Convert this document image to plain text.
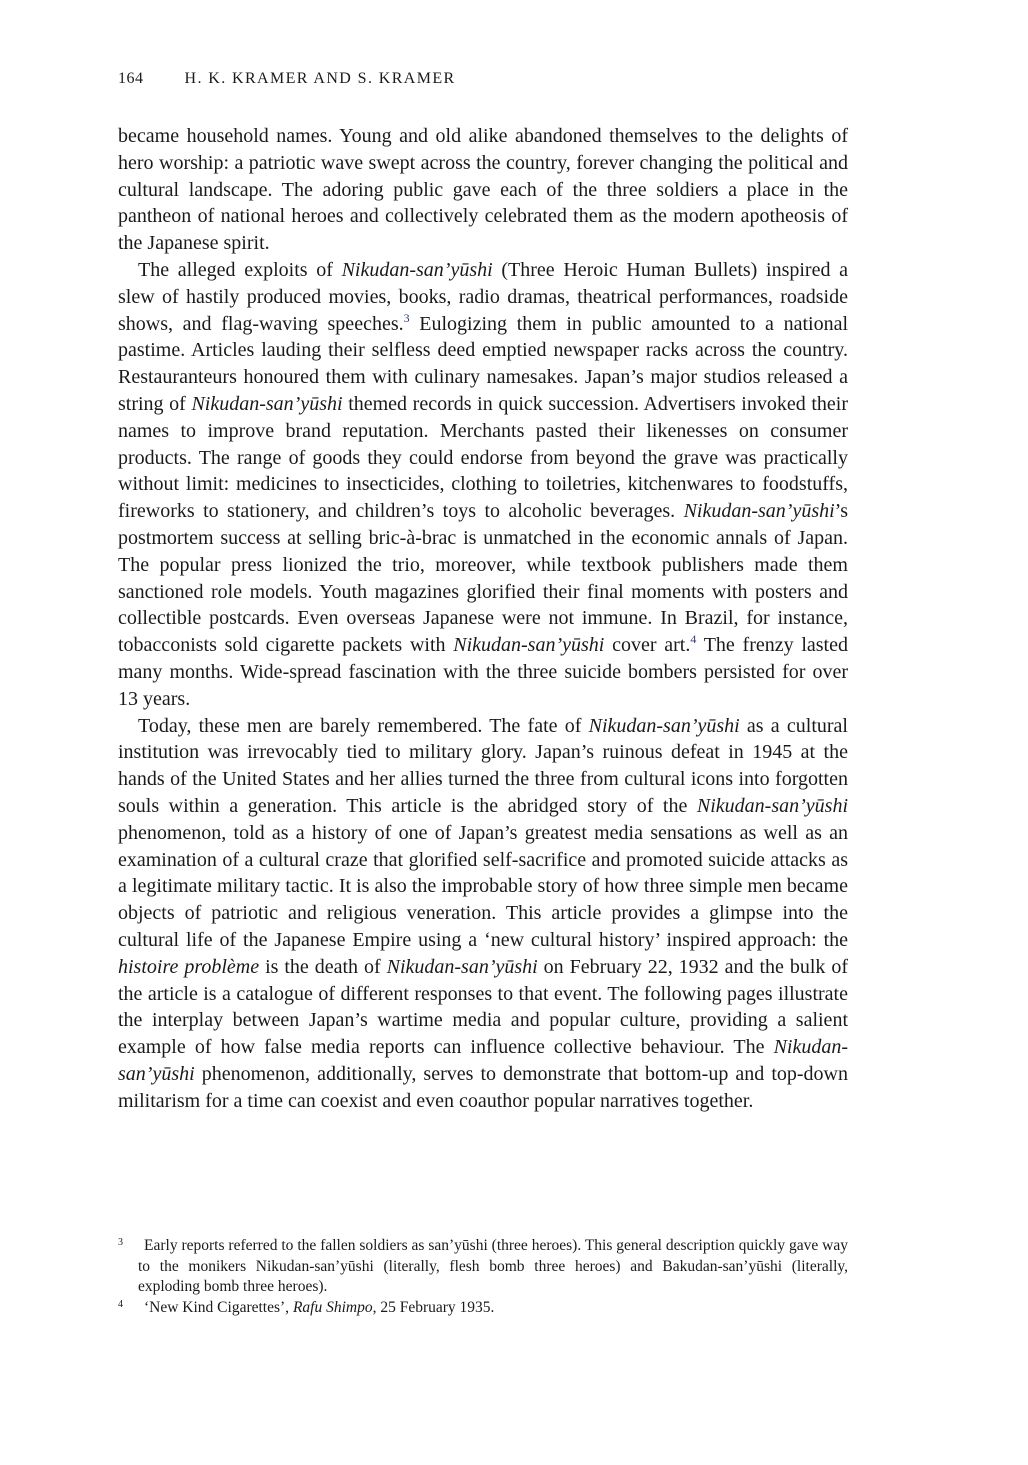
164	H. K. KRAMER AND S. KRAMER

became household names. Young and old alike abandoned themselves to the delights of hero worship: a patriotic wave swept across the country, forever changing the political and cultural landscape. The adoring public gave each of the three soldiers a place in the pantheon of national heroes and collectively celebrated them as the modern apotheosis of the Japanese spirit.

The alleged exploits of Nikudan-san’yūshi (Three Heroic Human Bullets) inspired a slew of hastily produced movies, books, radio dramas, theatrical performances, roadside shows, and flag-waving speeches.$^3$ Eulogizing them in public amounted to a national pastime. Articles lauding their selfless deed emptied newspaper racks across the country. Restauranteurs honoured them with culinary namesakes. Japan’s major studios released a string of Nikudan-san’yūshi themed records in quick succession. Advertisers invoked their names to improve brand reputation. Merchants pasted their likenesses on consumer products. The range of goods they could endorse from beyond the grave was practically without limit: medicines to insecticides, clothing to toiletries, kitchenwares to foodstuffs, fireworks to stationery, and children’s toys to alcoholic beverages. Nikudan-san’yūshi’s postmortem success at selling bric-à-brac is unmatched in the economic annals of Japan. The popular press lionized the trio, moreover, while textbook publishers made them sanctioned role models. Youth magazines glorified their final moments with posters and collectible postcards. Even overseas Japanese were not immune. In Brazil, for instance, tobacconists sold cigarette packets with Nikudan-san’yūshi cover art.$^4$ The frenzy lasted many months. Wide-spread fascination with the three suicide bombers persisted for over 13 years.

Today, these men are barely remembered. The fate of Nikudan-san’yūshi as a cultural institution was irrevocably tied to military glory. Japan’s ruinous defeat in 1945 at the hands of the United States and her allies turned the three from cultural icons into forgotten souls within a generation. This article is the abridged story of the Nikudan-san’yūshi phenomenon, told as a history of one of Japan’s greatest media sensations as well as an examination of a cultural craze that glorified self-sacrifice and promoted suicide attacks as a legitimate military tactic. It is also the improbable story of how three simple men became objects of patriotic and religious veneration. This article provides a glimpse into the cultural life of the Japanese Empire using a ‘new cultural history’ inspired approach: the histoire problème is the death of Nikudan-san’yūshi on February 22, 1932 and the bulk of the article is a catalogue of different responses to that event. The following pages illustrate the interplay between Japan’s wartime media and popular culture, providing a salient example of how false media reports can influence collective behaviour. The Nikudan-san’yūshi phenomenon, additionally, serves to demonstrate that bottom-up and top-down militarism for a time can coexist and even coauthor popular narratives together.

3	Early reports referred to the fallen soldiers as san’yūshi (three heroes). This general description quickly gave way to the monikers Nikudan-san’yūshi (literally, flesh bomb three heroes) and Bakudan-san’yūshi (literally, exploding bomb three heroes).
4	‘New Kind Cigarettes’, Rafu Shimpo, 25 February 1935.
